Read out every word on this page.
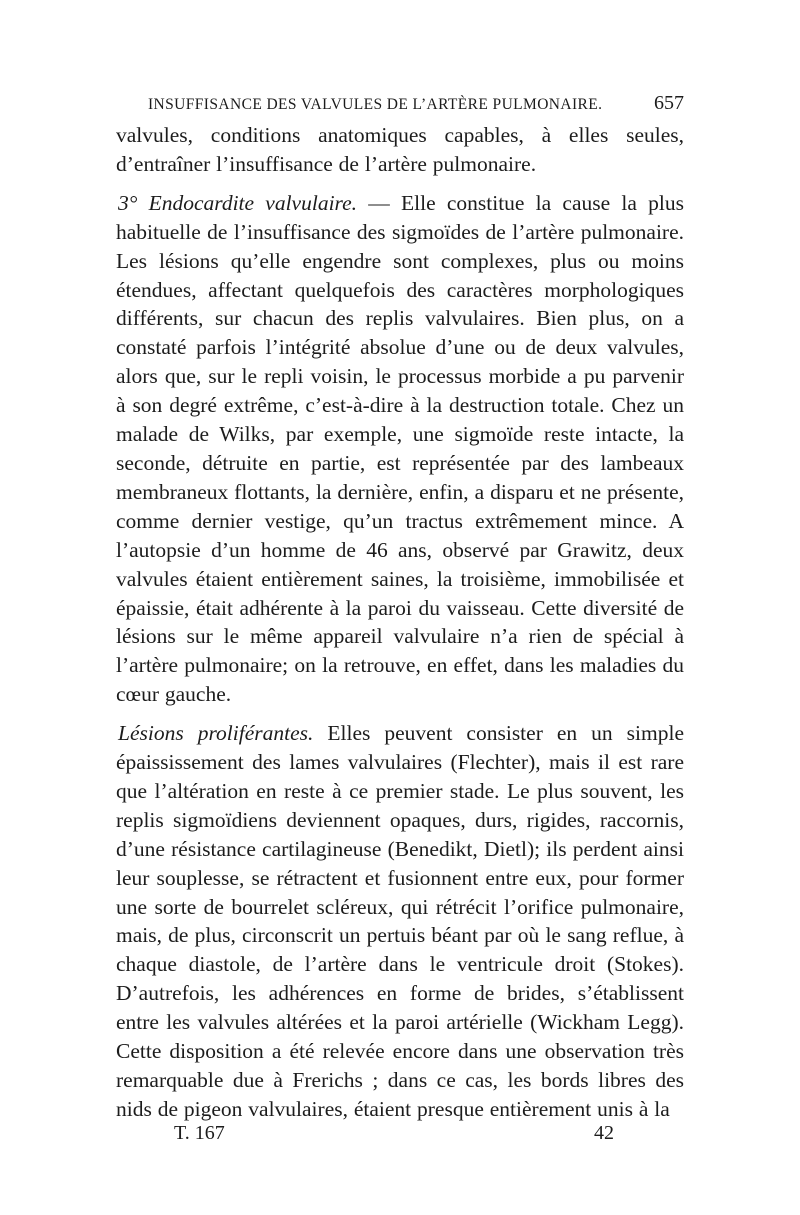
INSUFFISANCE DES VALVULES DE L’ARTÈRE PULMONAIRE.	657

valvules, conditions anatomiques capables, à elles seules, d’entraîner l’insuffisance de l’artère pulmonaire.

3° Endocardite valvulaire. — Elle constitue la cause la plus habituelle de l’insuffisance des sigmoïdes de l’artère pulmonaire. Les lésions qu’elle engendre sont complexes, plus ou moins étendues, affectant quelquefois des caractères morphologiques différents, sur chacun des replis valvulaires. Bien plus, on a constaté parfois l’intégrité absolue d’une ou de deux valvules, alors que, sur le repli voisin, le processus morbide a pu parvenir à son degré extrême, c’est-à-dire à la destruction totale. Chez un malade de Wilks, par exemple, une sigmoïde reste intacte, la seconde, détruite en partie, est représentée par des lambeaux membraneux flottants, la dernière, enfin, a disparu et ne présente, comme dernier vestige, qu’un tractus extrêmement mince. A l’autopsie d’un homme de 46 ans, observé par Grawitz, deux valvules étaient entièrement saines, la troisième, immobilisée et épaissie, était adhérente à la paroi du vaisseau. Cette diversité de lésions sur le même appareil valvulaire n’a rien de spécial à l’artère pulmonaire; on la retrouve, en effet, dans les maladies du cœur gauche.

Lésions proliférantes. Elles peuvent consister en un simple épaississement des lames valvulaires (Flechter), mais il est rare que l’altération en reste à ce premier stade. Le plus souvent, les replis sigmoïdiens deviennent opaques, durs, rigides, raccornis, d’une résistance cartilagineuse (Benedikt, Dietl); ils perdent ainsi leur souplesse, se rétractent et fusionnent entre eux, pour former une sorte de bourrelet scléreux, qui rétrécit l’orifice pulmonaire, mais, de plus, circonscrit un pertuis béant par où le sang reflue, à chaque diastole, de l’artère dans le ventricule droit (Stokes). D’autrefois, les adhérences en forme de brides, s’établissent entre les valvules altérées et la paroi artérielle (Wickham Legg). Cette disposition a été relevée encore dans une observation très remarquable due à Frerichs ; dans ce cas, les bords libres des nids de pigeon valvulaires, étaient presque entièrement unis à la

T. 167	42
